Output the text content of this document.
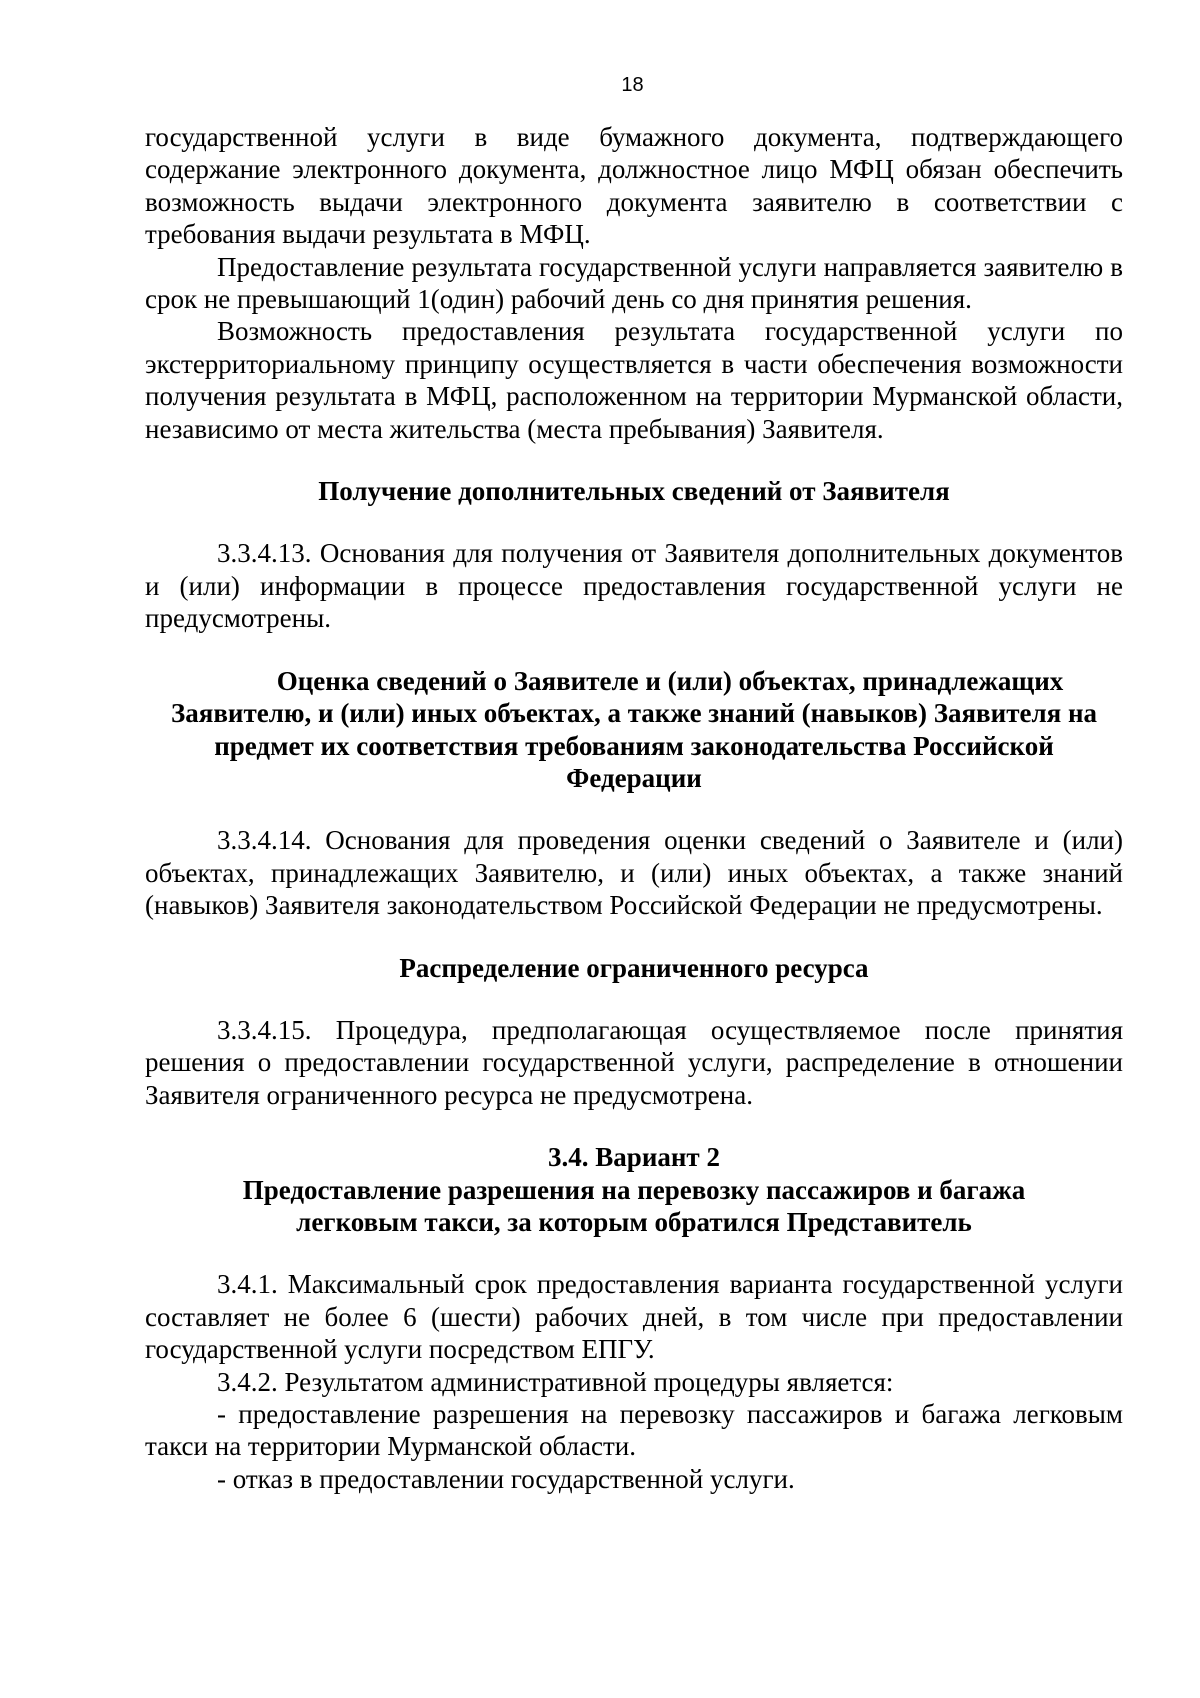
18

государственной услуги в виде бумажного документа, подтверждающего содержание электронного документа, должностное лицо МФЦ обязан обеспечить возможность выдачи электронного документа заявителю в соответствии с требования выдачи результата в МФЦ.

Предоставление результата государственной услуги направляется заявителю в срок не превышающий 1(один) рабочий день со дня принятия решения.

Возможность предоставления результата государственной услуги по экстерриториальному принципу осуществляется в части обеспечения возможности получения результата в МФЦ, расположенном на территории Мурманской области, независимо от места жительства (места пребывания) Заявителя.

Получение дополнительных сведений от Заявителя

3.3.4.13. Основания для получения от Заявителя дополнительных документов и (или) информации в процессе предоставления государственной услуги не предусмотрены.

Оценка сведений о Заявителе и (или) объектах, принадлежащих

Заявителю, и (или) иных объектах, а также знаний (навыков) Заявителя на

предмет их соответствия требованиям законодательства Российской

Федерации

3.3.4.14. Основания для проведения оценки сведений о Заявителе и (или) объектах, принадлежащих Заявителю, и (или) иных объектах, а также знаний (навыков) Заявителя законодательством Российской Федерации не предусмотрены.

Распределение ограниченного ресурса

3.3.4.15. Процедура, предполагающая осуществляемое после принятия решения о предоставлении государственной услуги, распределение в отношении Заявителя ограниченного ресурса не предусмотрена.

3.4. Вариант 2

Предоставление разрешения на перевозку пассажиров и багажа

легковым такси, за которым обратился Представитель

3.4.1. Максимальный срок предоставления варианта государственной услуги составляет не более 6 (шести) рабочих дней, в том числе при предоставлении государственной услуги посредством ЕПГУ.

3.4.2. Результатом административной процедуры является:

- предоставление разрешения на перевозку пассажиров и багажа легковым такси на территории Мурманской области.

- отказ в предоставлении государственной услуги.
